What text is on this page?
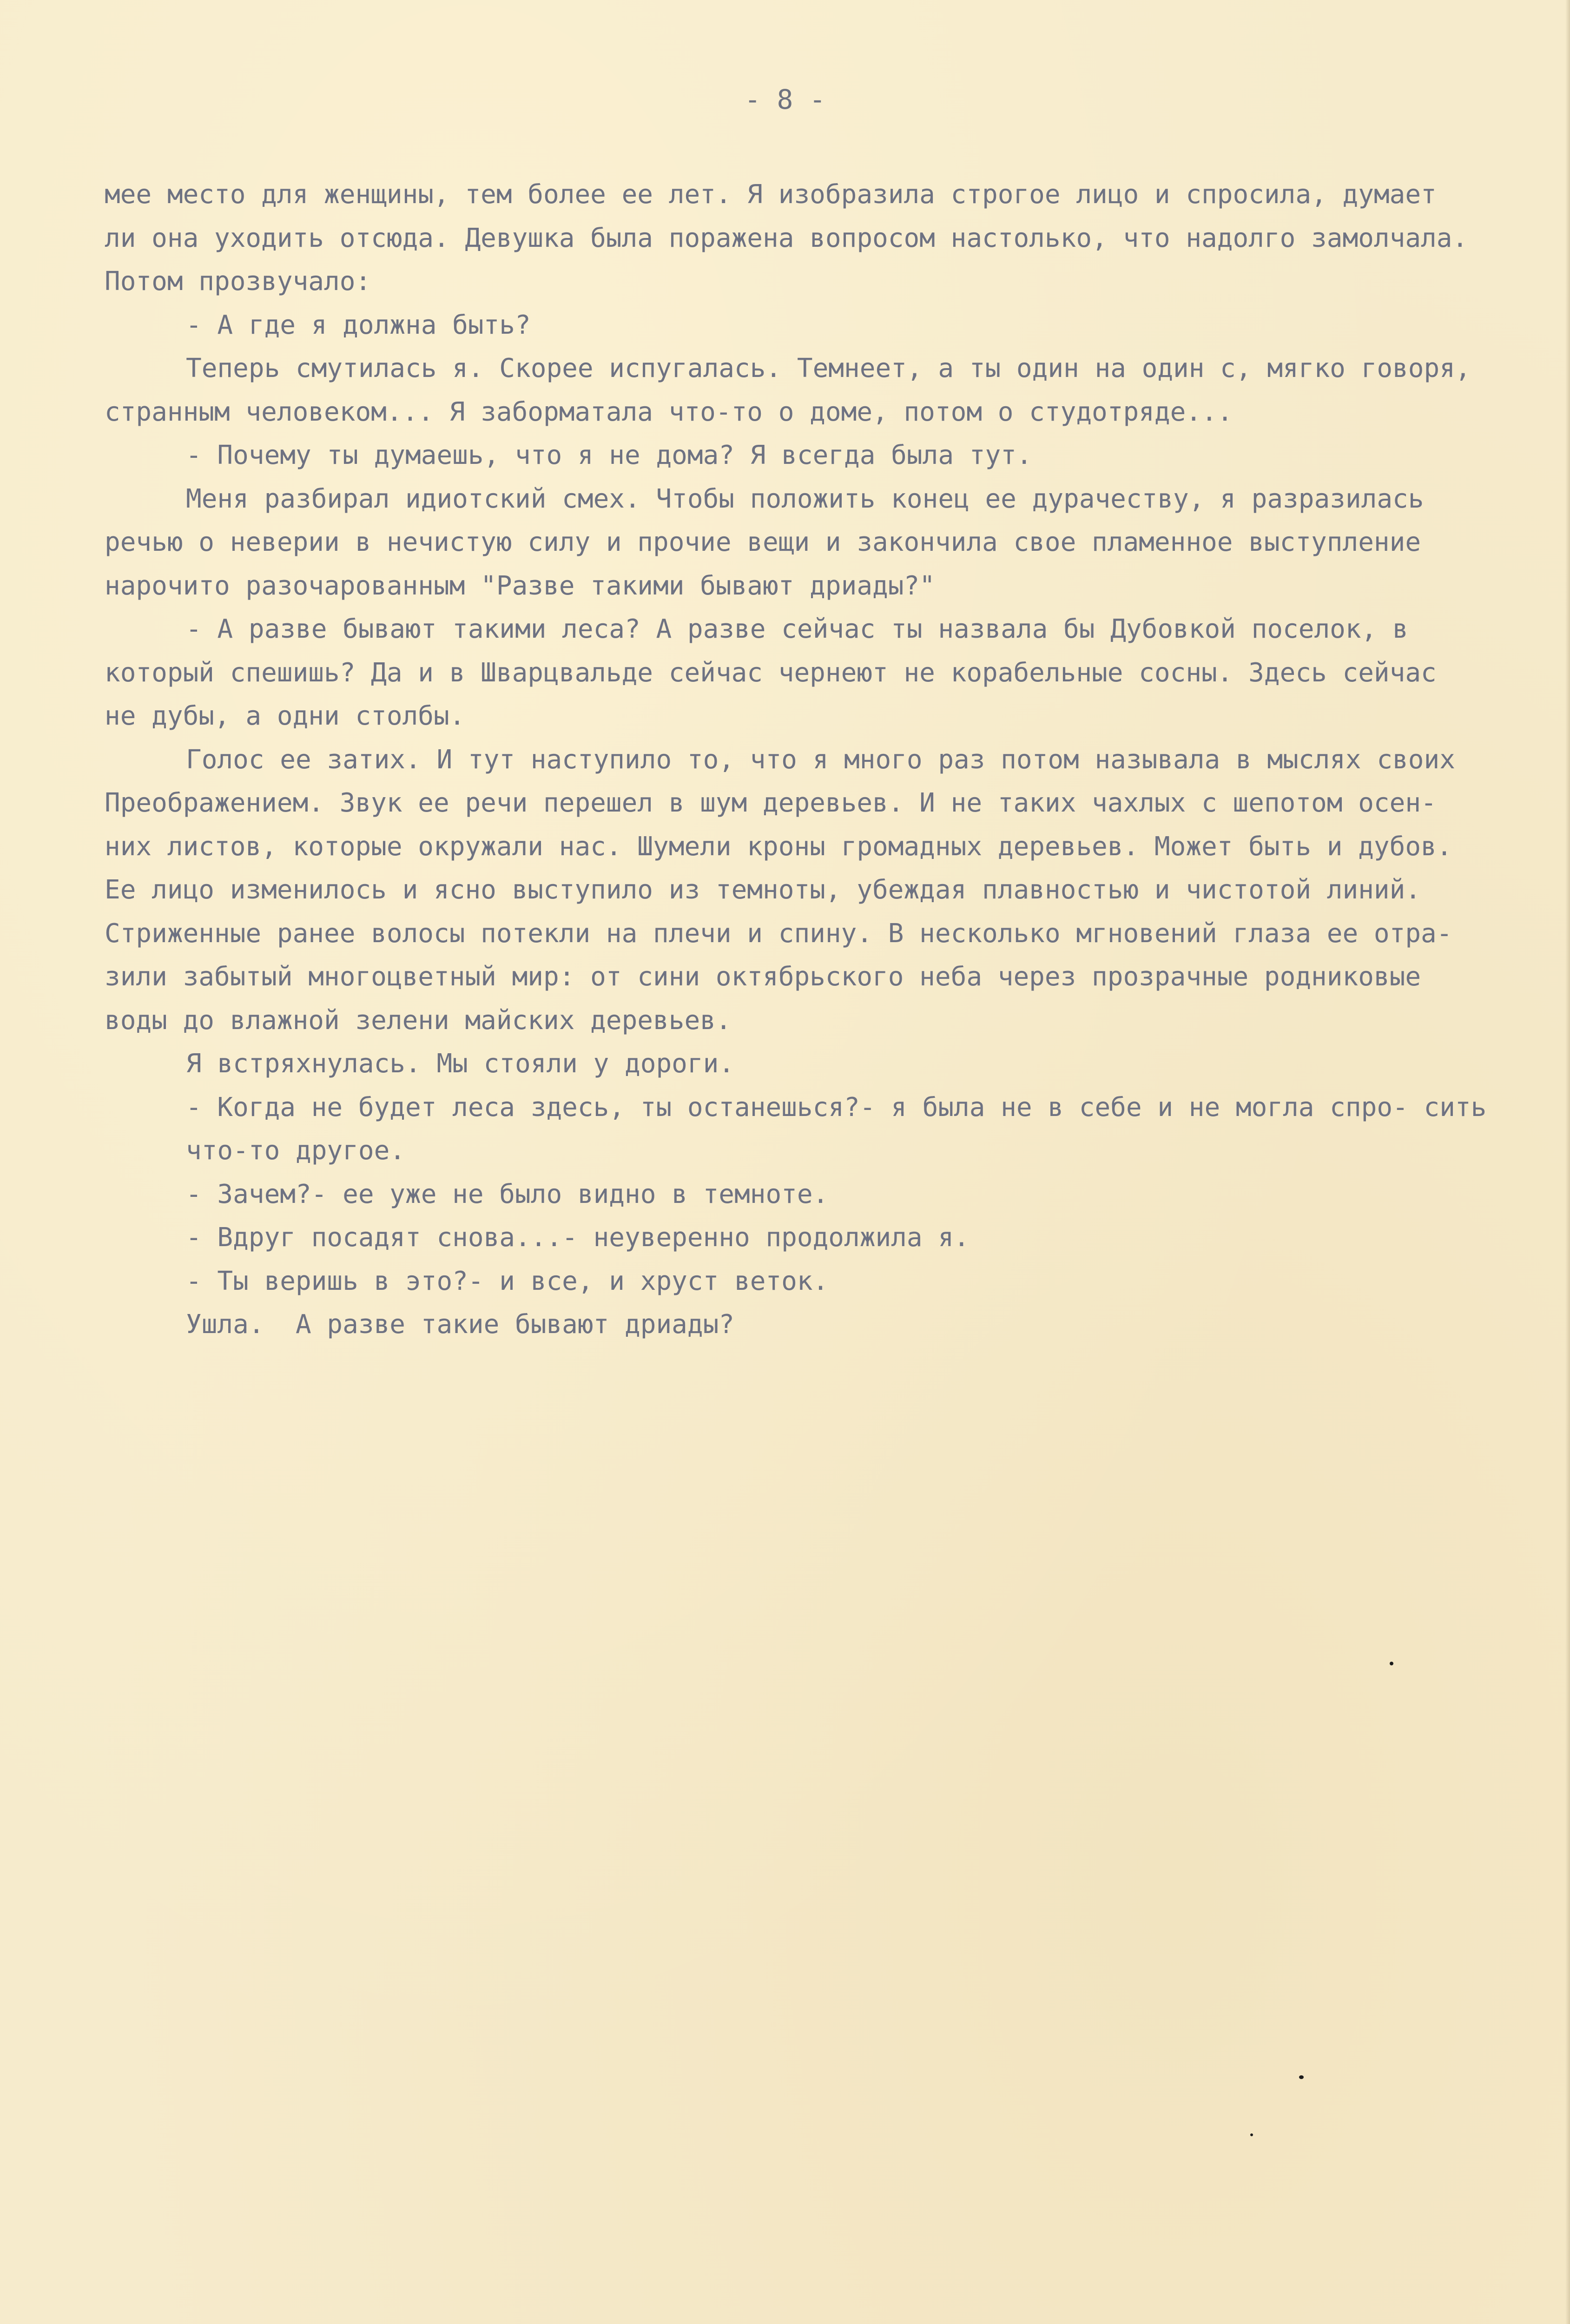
- 8 -
мее место для женщины, тем более ее лет. Я изобразила строгое лицо и спросила, думает
ли она уходить отсюда. Девушка была поражена вопросом настолько, что надолго замолчала.
Потом прозвучало:
- А где я должна быть?
Теперь смутилась я. Скорее испугалась. Темнеет, а ты один на один с, мягко говоря,
странным человеком... Я заборматала что-то о доме, потом о студотряде...
- Почему ты думаешь, что я не дома? Я всегда была тут.
Меня разбирал идиотский смех. Чтобы положить конец ее дурачеству, я разразилась
речью о неверии в нечистую силу и прочие вещи и закончила свое пламенное выступление
нарочито разочарованным "Разве такими бывают дриады?"
- А разве бывают такими леса? А разве сейчас ты назвала бы Дубовкой поселок, в
который спешишь? Да и в Шварцвальде сейчас чернеют не корабельные сосны. Здесь сейчас
не дубы, а одни столбы.
Голос ее затих. И тут наступило то, что я много раз потом называла в мыслях своих
Преображением. Звук ее речи перешел в шум деревьев. И не таких чахлых с шепотом осен-
них листов, которые окружали нас. Шумели кроны громадных деревьев. Может быть и дубов.
Ее лицо изменилось и ясно выступило из темноты, убеждая плавностью и чистотой линий.
Стриженные ранее волосы потекли на плечи и спину. В несколько мгновений глаза ее отра-
зили забытый многоцветный мир: от сини октябрьского неба через прозрачные родниковые
воды до влажной зелени майских деревьев.
Я встряхнулась. Мы стояли у дороги.
- Когда не будет леса здесь, ты останешься?- я была не в себе и не могла спро- сить
что-то другое.
- Зачем?- ее уже не было видно в темноте.
- Вдруг посадят снова...- неуверенно продолжила я.
- Ты веришь в это?- и все, и хруст веток.
Ушла.  А разве такие бывают дриады?
